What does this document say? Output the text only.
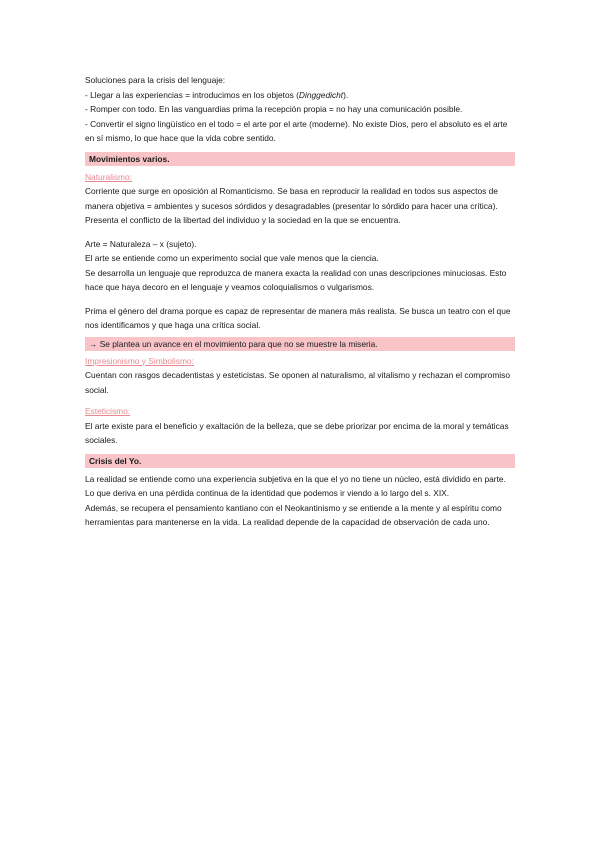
Soluciones para la crisis del lenguaje:

- Llegar a las experiencias = introducimos en los objetos (Dinggedicht).

- Romper con todo. En las vanguardias prima la recepción propia = no hay una comunicación posible.

- Convertir el signo lingüístico en el todo = el arte por el arte (moderne). No existe Dios, pero el absoluto es el arte en sí mismo, lo que hace que la vida cobre sentido.

Movimientos varios.

Naturalismo:

Corriente que surge en oposición al Romanticismo. Se basa en reproducir la realidad en todos sus aspectos de manera objetiva = ambientes y sucesos sórdidos y desagradables (presentar lo sórdido para hacer una crítica). Presenta el conflicto de la libertad del individuo y la sociedad en la que se encuentra.

Arte = Naturaleza – x (sujeto).

El arte se entiende como un experimento social que vale menos que la ciencia.

Se desarrolla un lenguaje que reproduzca de manera exacta la realidad con unas descripciones minuciosas. Esto hace que haya decoro en el lenguaje y veamos coloquialismos o vulgarismos.

Prima el género del drama porque es capaz de representar de manera más realista. Se busca un teatro con el que nos identificamos y que haga una crítica social.

→ Se plantea un avance en el movimiento para que no se muestre la miseria.

Impresionismo y Simbolismo:

Cuentan con rasgos decadentistas y esteticistas. Se oponen al naturalismo, al vitalismo y rechazan el compromiso social.

Esteticismo:

El arte existe para el beneficio y exaltación de la belleza, que se debe priorizar por encima de la moral y temáticas sociales.

Crisis del Yo.

La realidad se entiende como una experiencia subjetiva en la que el yo no tiene un núcleo, está dividido en parte. Lo que deriva en una pérdida continua de la identidad que podemos ir viendo a lo largo del s. XIX.

Además, se recupera el pensamiento kantiano con el Neokantinismo y se entiende a la mente y al espíritu como herramientas para mantenerse en la vida. La realidad depende de la capacidad de observación de cada uno.
